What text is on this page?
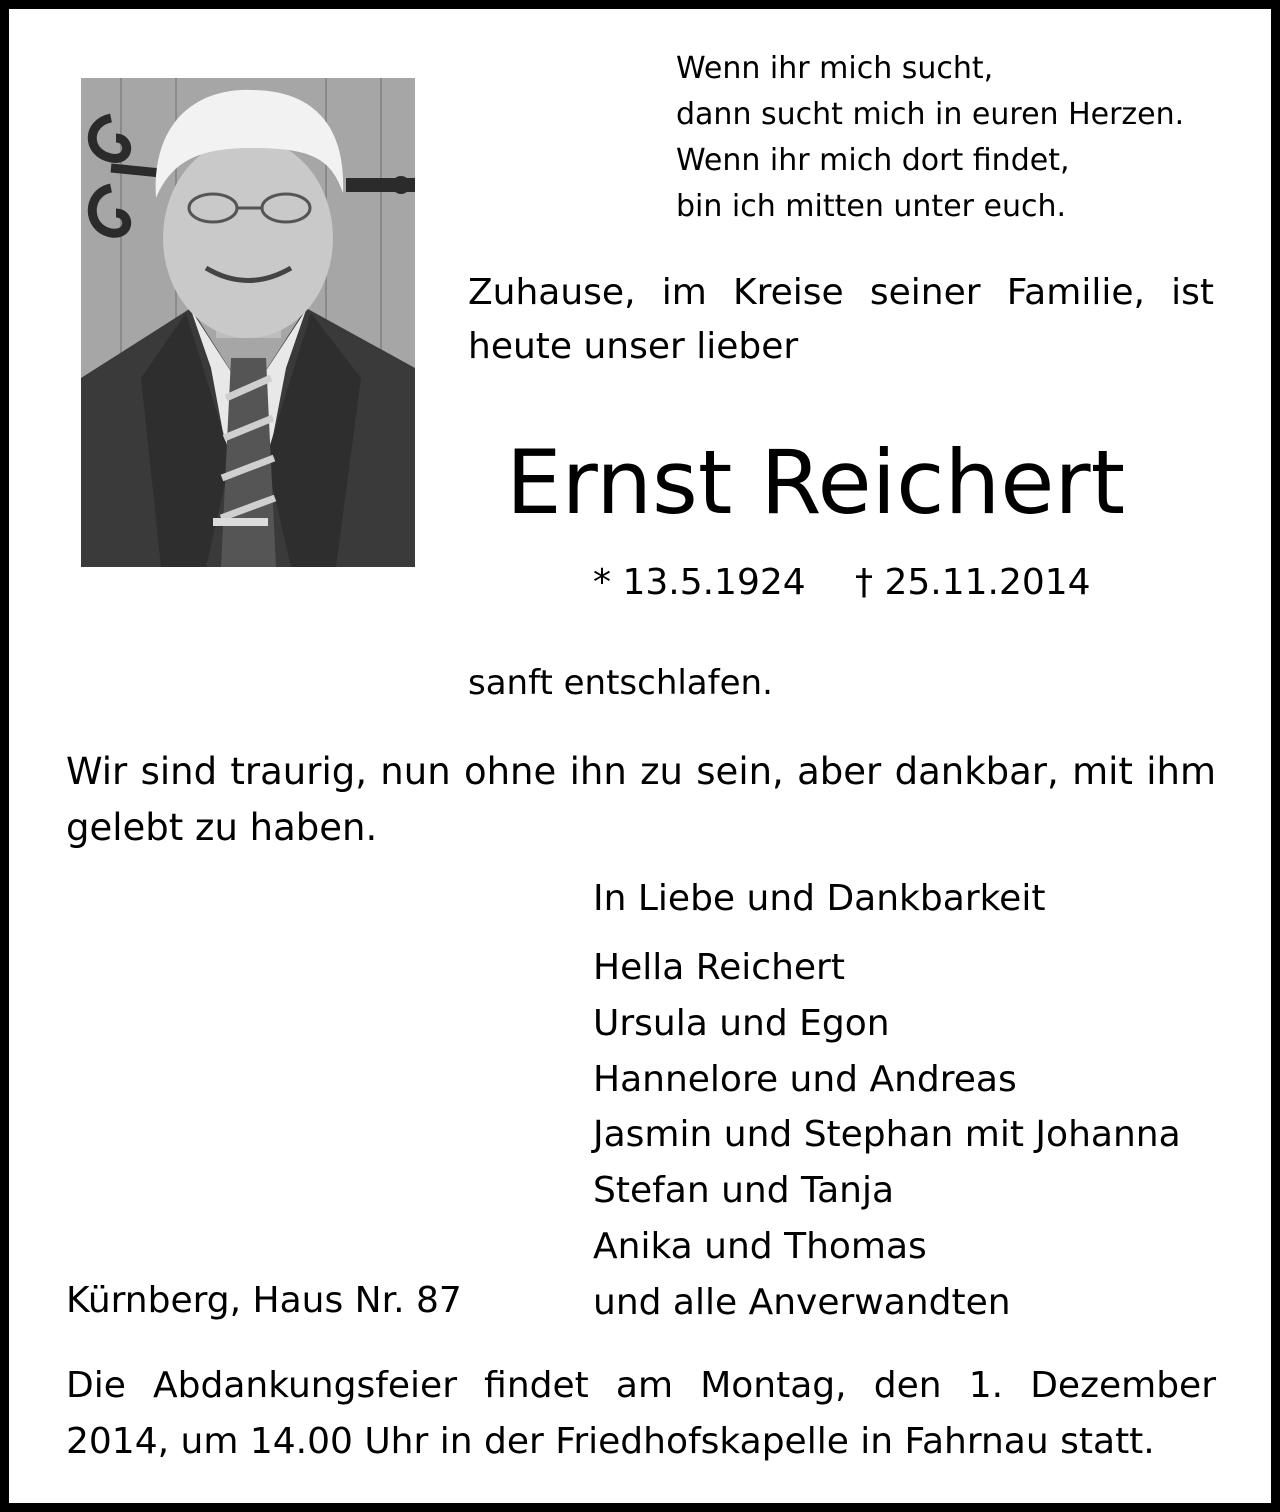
Wenn ihr mich sucht,
dann sucht mich in euren Herzen.
Wenn ihr mich dort findet,
bin ich mitten unter euch.
Zuhause, im Kreise seiner Familie, ist
heute unser lieber
Ernst Reichert
* 13.5.1924 † 25.11.2014
sanft entschlafen.
Wir sind traurig, nun ohne ihn zu sein, aber dankbar, mit ihm
gelebt zu haben.
In Liebe und Dankbarkeit
Hella Reichert
Ursula und Egon
Hannelore und Andreas
Jasmin und Stephan mit Johanna
Stefan und Tanja
Anika und Thomas
und alle Anverwandten
Kürnberg, Haus Nr. 87
Die Abdankungsfeier findet am Montag, den 1. Dezember
2014, um 14.00 Uhr in der Friedhofskapelle in Fahrnau statt.
